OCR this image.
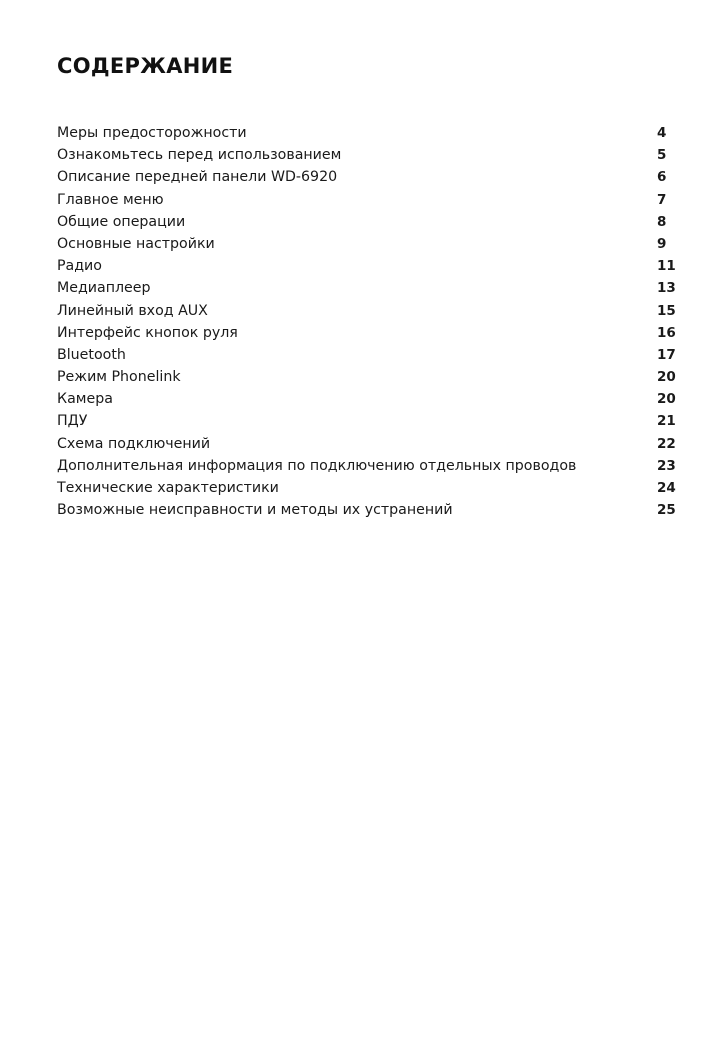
СОДЕРЖАНИЕ
Меры предосторожности	4
Ознакомьтесь перед использованием	5
Описание передней панели WD-6920	6
Главное меню	7
Общие операции	8
Основные настройки	9
Радио	11
Медиаплеер	13
Линейный вход AUX	15
Интерфейс кнопок руля	16
Bluetooth	17
Режим Phonelink	20
Камера	20
ПДУ	21
Схема подключений	22
Дополнительная информация по подключению отдельных проводов	23
Технические характеристики	24
Возможные неисправности и методы их устранений	25
